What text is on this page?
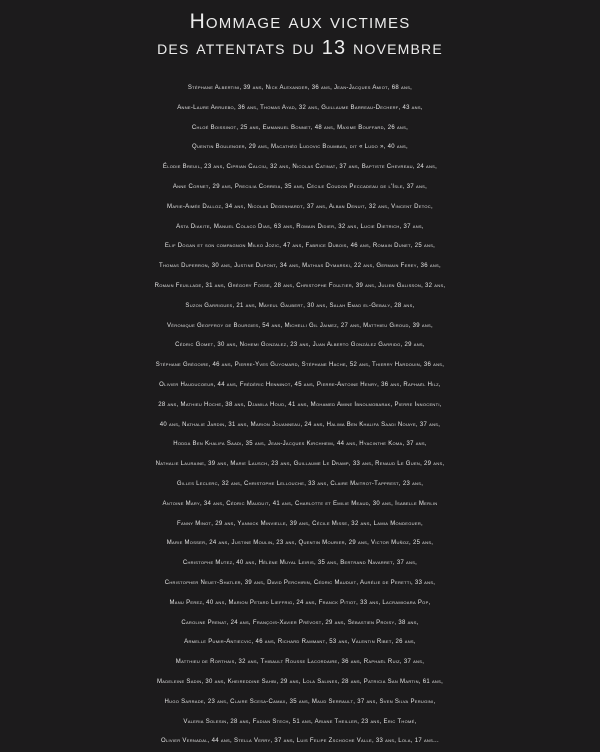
Hommage aux victimes
des attentats du 13 novembre
Stéphane Albertini, 39 ans, Nick Alexander, 36 ans, Jean-Jacques Amiot, 68 ans,
Anne-Laure Arruebo, 36 ans, Thomas Ayad, 32 ans, Guillaume Barreau-Decherf, 43 ans,
Chloé Boissinot, 25 ans, Emmanuel Bonnet, 48 ans, Maxime Bouffard, 26 ans,
Quentin Boulenger, 29 ans, Macathéo Ludovic Boumbas, dit « Ludo », 40 ans,
Élodie Breuil, 23 ans, Ciprian Calciu, 32 ans, Nicolas Catinat, 37 ans, Baptiste Chevreau, 24 ans,
Anne Cornet, 29 ans, Precilia Correia, 35 ans, Cécile Coudon Peccadeau de l'Isle, 37 ans,
Marie-Aimée Dalloz, 34 ans, Nicolas Degenhardt, 37 ans, Alban Denuit, 32 ans, Vincent Detoc,
Asta Diakite, Manuel Colaco Dias, 63 ans, Romain Didier, 32 ans, Lucie Dietrich, 37 ans,
Elif Dogan et son compagnon Milko Jozic, 47 ans, Fabrice Dubois, 46 ans, Romain Dunet, 25 ans,
Thomas Duperron, 30 ans, Justine Dupont, 34 ans, Mathias Dymarski, 22 ans, Germain Ferey, 36 ans,
Romain Feuillade, 31 ans, Grégory Fosse, 28 ans, Christophe Foultier, 39 ans, Julien Galisson, 32 ans,
Suzon Garrigues, 21 ans, Mayeul Gaubert, 30 ans, Salah Emad el-Gebaly, 28 ans,
Véronique Geoffroy de Bourgies, 54 ans, Michelli Gil Jaimez, 27 ans, Matthieu Giroud, 39 ans,
Cédric Gomet, 30 ans, Nohemi Gonzalez, 23 ans, Juan Alberto González Garrido, 29 ans,
Stéphane Grégoire, 46 ans, Pierre-Yves Guyomard, Stéphane Hache, 52 ans, Thierry Hardouin, 36 ans,
Olivier Hauducoeur, 44 ans, Frédéric Henninot, 45 ans, Pierre-Antoine Henry, 36 ans, Raphaël Hilz,
28 ans, Mathieu Hoche, 38 ans, Djamila Houd, 41 ans, Mohamed Amine Ibnolmobarak, Pierre Innocenti,
40 ans, Nathalie Jardin, 31 ans, Marion Jouanneau, 24 ans, Halima Ben Khalifa Saadi Noiaye, 37 ans,
Hodda Ben Khalifa Saadi, 35 ans, Jean-Jacques Kirchheim, 44 ans, Hyacinthe Koma, 37 ans,
Nathalie Lauraine, 39 ans, Marie Lausch, 23 ans, Guillaume Le Dramp, 33 ans, Renaud Le Guen, 29 ans,
Gilles Leclerc, 32 ans, Christophe Lellouche, 33 ans, Claire Maitrot-Tapprest, 23 ans,
Antoine Mary, 34 ans, Cédric Mauduit, 41 ans, Charlotte et Emilie Meaud, 30 ans, Isabelle Merlin
Fanny Minot, 29 ans, Yannick Minvielle, 39 ans, Cécile Misse, 32 ans, Lamia Mondeguer,
Marie Mosser, 24 ans, Justine Moulin, 23 ans, Quentin Mourier, 29 ans, Victor Muñoz, 25 ans,
Christophe Mutez, 40 ans, Hélène Muyal Leiris, 35 ans, Bertrand Navarret, 37 ans,
Christopher Neuet-Shatler, 39 ans, David Perchirin, Cédric Mauduit, Aurélie de Peretti, 33 ans,
Manu Perez, 40 ans, Marion Petard Lieffrig, 24 ans, Franck Pitiot, 33 ans, Lacramioara Pop,
Caroline Prenat, 24 ans, François-Xavier Prévost, 29 ans, Sébastien Proisy, 38 ans,
Armelle Pumir-Antiecvic, 46 ans, Richard Rammant, 53 ans, Valentin Ribet, 26 ans,
Matthieu de Rorthais, 32 ans, Thibault Rousse Lacordaire, 36 ans, Raphaël Ruiz, 37 ans,
Madeleine Sadin, 30 ans, Kheireddine Sahbi, 29 ans, Lola Salines, 28 ans, Patricia San Martin, 61 ans,
Hugo Sarrade, 23 ans, Claire Scesa-Camax, 35 ans, Maud Serrault, 37 ans, Sven Silva Perugini,
Valeria Solesin, 28 ans, Fadian Stech, 51 ans, Ariane Theiller, 23 ans, Eric Thomé,
Olivier Vernadal, 44 ans, Stella Verry, 37 ans, Luis Felipe Zschoche Valle, 33 ans, Lola, 17 ans...
